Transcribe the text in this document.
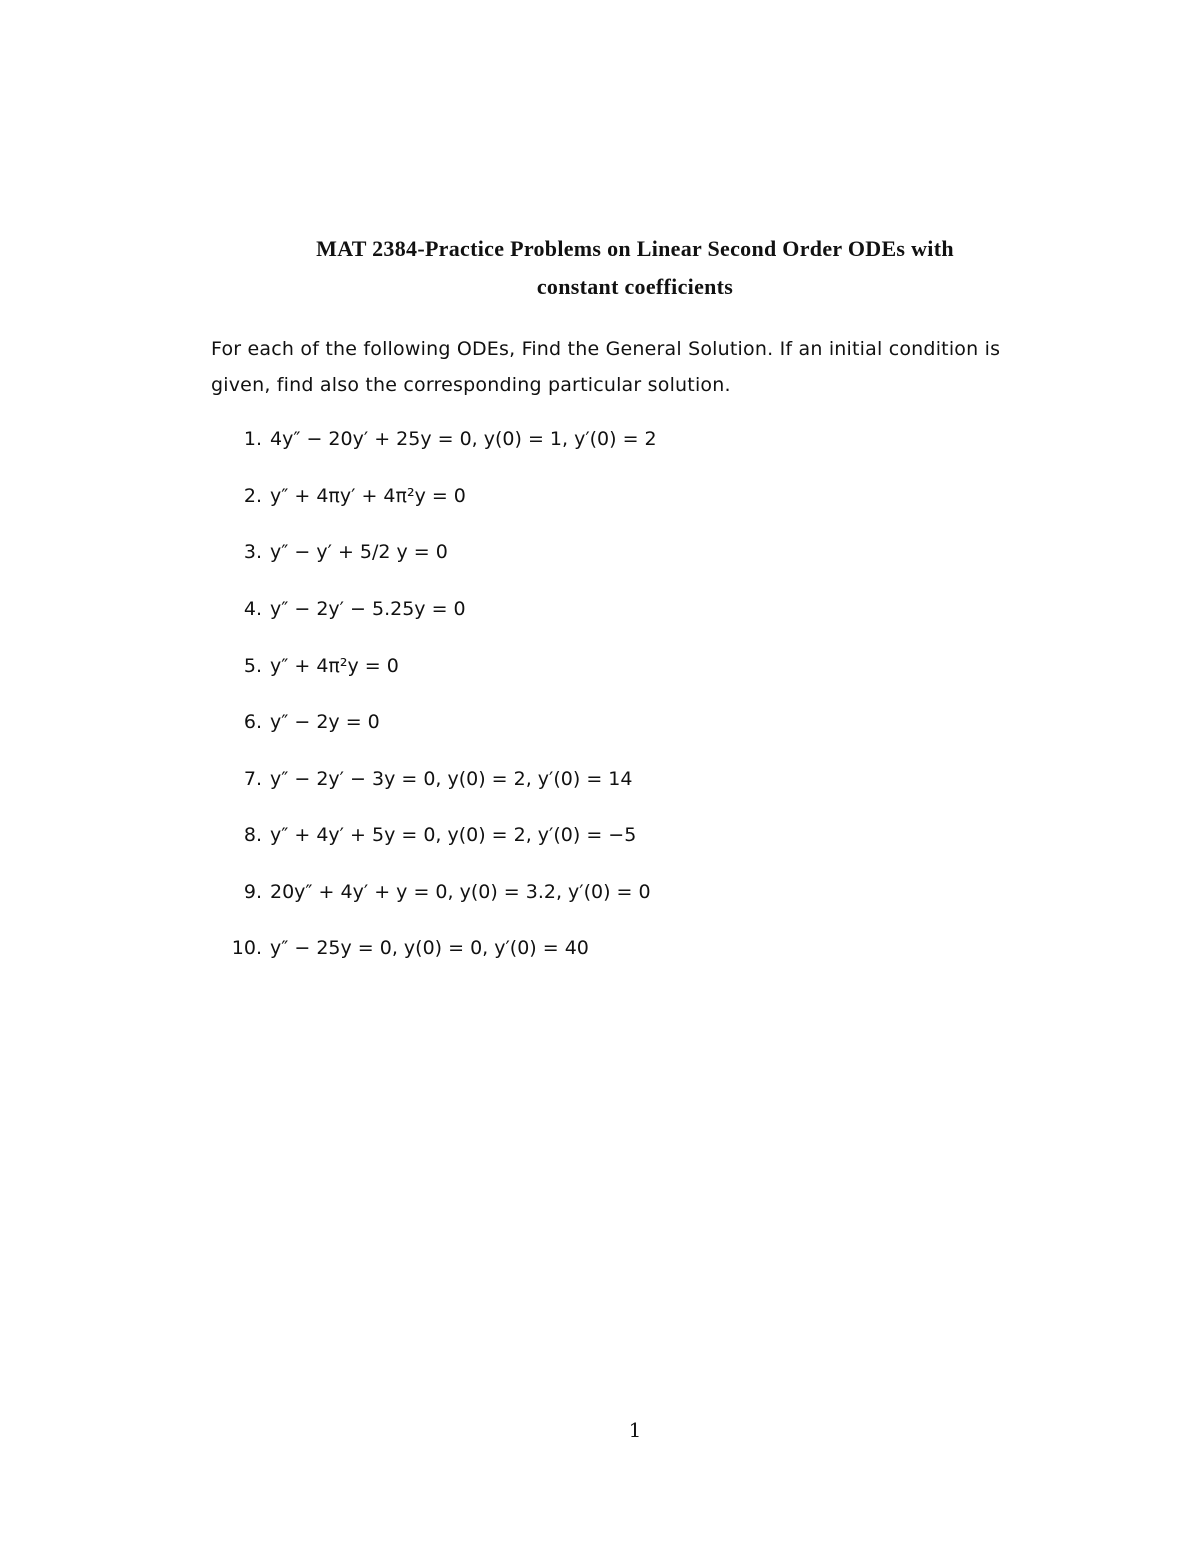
MAT 2384-Practice Problems on Linear Second Order ODEs with
constant coefficients
For each of the following ODEs, Find the General Solution. If an initial condition is
given, find also the corresponding particular solution.
1. 4y″ − 20y′ + 25y = 0, y(0) = 1, y′(0) = 2
2. y″ + 4πy′ + 4π²y = 0
3. y″ − y′ + 5/2 y = 0
4. y″ − 2y′ − 5.25y = 0
5. y″ + 4π²y = 0
6. y″ − 2y = 0
7. y″ − 2y′ − 3y = 0, y(0) = 2, y′(0) = 14
8. y″ + 4y′ + 5y = 0, y(0) = 2, y′(0) = −5
9. 20y″ + 4y′ + y = 0, y(0) = 3.2, y′(0) = 0
10. y″ − 25y = 0, y(0) = 0, y′(0) = 40
1
